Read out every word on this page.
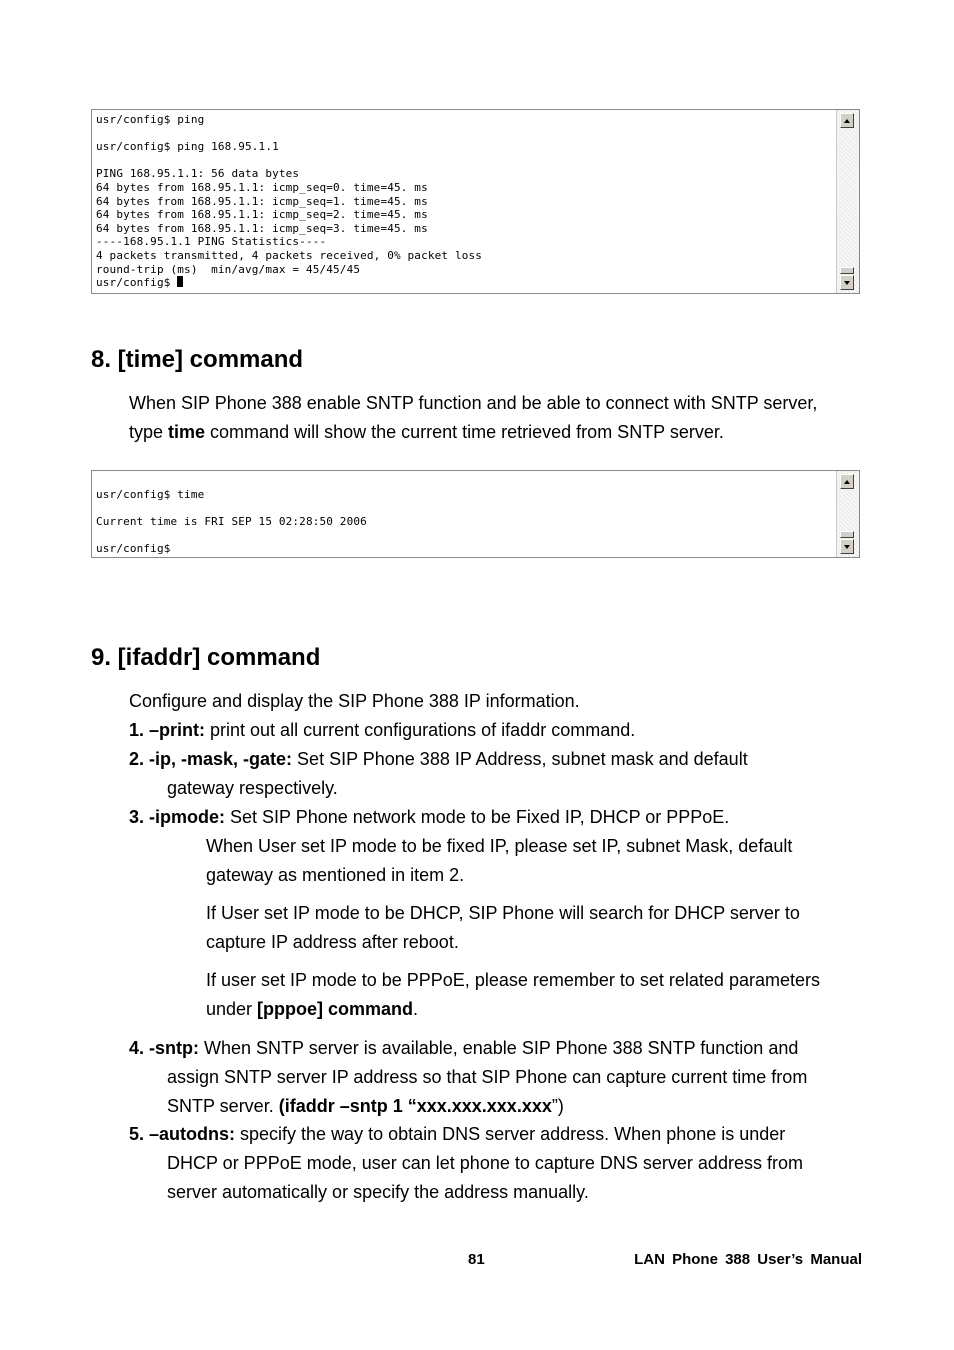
usr/config$ ping

usr/config$ ping 168.95.1.1

PING 168.95.1.1: 56 data bytes
64 bytes from 168.95.1.1: icmp_seq=0. time=45. ms
64 bytes from 168.95.1.1: icmp_seq=1. time=45. ms
64 bytes from 168.95.1.1: icmp_seq=2. time=45. ms
64 bytes from 168.95.1.1: icmp_seq=3. time=45. ms
----168.95.1.1 PING Statistics----
4 packets transmitted, 4 packets received, 0% packet loss
round-trip (ms)  min/avg/max = 45/45/45
usr/config$
8. [time] command

When SIP Phone 388 enable SNTP function and be able to connect with SNTP server,
type time command will show the current time retrieved from SNTP server.

usr/config$ time

Current time is FRI SEP 15 02:28:50 2006

usr/config$
9. [ifaddr] command

Configure and display the SIP Phone 388 IP information.

1. –print: print out all current configurations of ifaddr command.

2. -ip, -mask, -gate: Set SIP Phone 388 IP Address, subnet mask and default

gateway respectively.

3. -ipmode: Set SIP Phone network mode to be Fixed IP, DHCP or PPPoE.

When User set IP mode to be fixed IP, please set IP, subnet Mask, default
gateway as mentioned in item 2.

If User set IP mode to be DHCP, SIP Phone will search for DHCP server to
capture IP address after reboot.

If user set IP mode to be PPPoE, please remember to set related parameters
under [pppoe] command.

4. -sntp: When SNTP server is available, enable SIP Phone 388 SNTP function and

assign SNTP server IP address so that SIP Phone can capture current time from
SNTP server. (ifaddr –sntp 1 “xxx.xxx.xxx.xxx”)

5. –autodns: specify the way to obtain DNS server address. When phone is under

DHCP or PPPoE mode, user can let phone to capture DNS server address from
server automatically or specify the address manually.

81	LAN Phone 388 User’s Manual
